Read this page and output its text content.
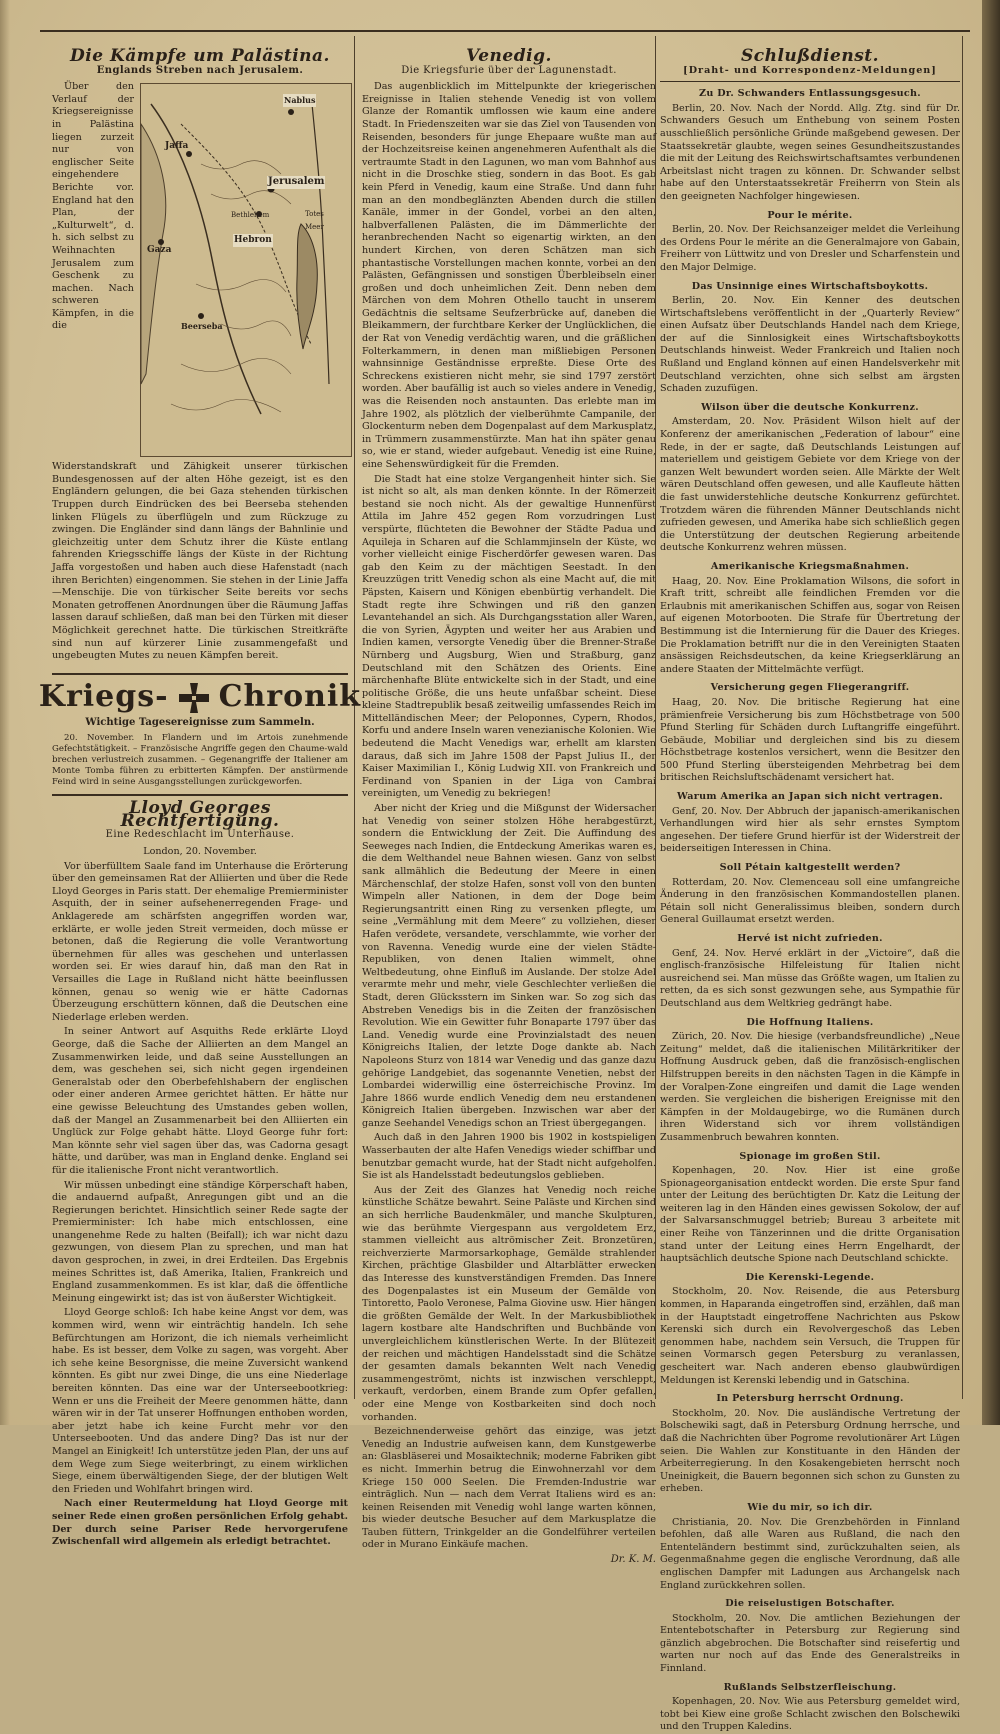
Die Kämpfe um Palästina.
Englands Streben nach Jerusalem.
Nablus
Jaffa
Jerusalem
Bethlehem
Hebron
Gaza
Totes Meer
Beerseba

Über den Verlauf der Kriegsereignisse in Palästina liegen zurzeit nur von englischer Seite eingehendere Berichte vor. England hat den Plan, der „Kulturwelt“, d. h. sich selbst zu Weihnachten Jerusalem zum Geschenk zu machen. Nach schweren Kämpfen, in die die Widerstandskraft und Zähigkeit unserer türkischen Bundesgenossen auf der alten Höhe gezeigt, ist es den Engländern gelungen, die bei Gaza stehenden türkischen Truppen durch Eindrücken des bei Beerseba stehenden linken Flügels zu überflügeln und zum Rückzuge zu zwingen. Die Engländer sind dann längs der Bahnlinie und gleichzeitig unter dem Schutz ihrer die Küste entlang fahrenden Kriegsschiffe längs der Küste in der Richtung Jaffa vorgestoßen und haben auch diese Hafenstadt (nach ihren Berichten) eingenommen. Sie stehen in der Linie Jaffa—Menschije. Die von türkischer Seite bereits vor sechs Monaten getroffenen Anordnungen über die Räumung Jaffas lassen darauf schließen, daß man bei den Türken mit dieser Möglichkeit gerechnet hatte. Die türkischen Streitkräfte sind nun auf kürzerer Linie zusammengefaßt und ungebeugten Mutes zu neuen Kämpfen bereit.

Kriegs- Chronik
Wichtige Tagesereignisse zum Sammeln.

20. November. In Flandern und im Artois zunehmende Gefechtstätigkeit. – Französische Angriffe gegen den Chaume-wald brechen verlustreich zusammen. – Gegenangriffe der Italiener am Monte Tomba führen zu erbitterten Kämpfen. Der anstürmende Feind wird in seine Ausgangsstellungen zurückgeworfen.

Lloyd Georges Rechtfertigung.
Eine Redeschlacht im Unterhause.
London, 20. November.

Vor überfülltem Saale fand im Unterhause die Erörterung über den gemeinsamen Rat der Alliierten und über die Rede Lloyd Georges in Paris statt. Der ehemalige Premierminister Asquith, der in seiner aufsehenerregenden Frage- und Anklagerede am schärfsten angegriffen worden war, erklärte, er wolle jeden Streit vermeiden, doch müsse er betonen, daß die Regierung die volle Verantwortung übernehmen für alles was geschehen und unterlassen worden sei. Er wies darauf hin, daß man den Rat in Versailles die Lage in Rußland nicht hätte beeinflussen können, genau so wenig wie er hätte Cadornas Überzeugung erschüttern können, daß die Deutschen eine Niederlage erleben werden.

In seiner Antwort auf Asquiths Rede erklärte Lloyd George, daß die Sache der Alliierten an dem Mangel an Zusammenwirken leide, und daß seine Ausstellungen an dem, was geschehen sei, sich nicht gegen irgendeinen Generalstab oder den Oberbefehlshabern der englischen oder einer anderen Armee gerichtet hätten. Er hätte nur eine gewisse Beleuchtung des Umstandes geben wollen, daß der Mangel an Zusammenarbeit bei den Alliierten ein Unglück zur Folge gehabt hätte. Lloyd George fuhr fort: Man könnte sehr viel sagen über das, was Cadorna gesagt hätte, und darüber, was man in England denke. England sei für die italienische Front nicht verantwortlich.

Wir müssen unbedingt eine ständige Körperschaft haben, die andauernd aufpaßt, Anregungen gibt und an die Regierungen berichtet. Hinsichtlich seiner Rede sagte der Premierminister: Ich habe mich entschlossen, eine unangenehme Rede zu halten (Beifall); ich war nicht dazu gezwungen, von diesem Plan zu sprechen, und man hat davon gesprochen, in zwei, in drei Erdteilen. Das Ergebnis meines Schrittes ist, daß Amerika, Italien, Frankreich und England zusammenkommen. Es ist klar, daß die öffentliche Meinung eingewirkt ist; das ist von äußerster Wichtigkeit.

Lloyd George schloß: Ich habe keine Angst vor dem, was kommen wird, wenn wir einträchtig handeln. Ich sehe Befürchtungen am Horizont, die ich niemals verheimlicht habe. Es ist besser, dem Volke zu sagen, was vorgeht. Aber ich sehe keine Besorgnisse, die meine Zuversicht wankend könnten. Es gibt nur zwei Dinge, die uns eine Niederlage bereiten könnten. Das eine war der Unterseebootkrieg: Wenn er uns die Freiheit der Meere genommen hätte, dann wären wir in der Tat unserer Hoffnungen enthoben worden, aber jetzt habe ich keine Furcht mehr vor den Unterseebooten. Und das andere Ding? Das ist nur der Mangel an Einigkeit! Ich unterstütze jeden Plan, der uns auf dem Wege zum Siege weiterbringt, zu einem wirklichen Siege, einem überwältigenden Siege, der der blutigen Welt den Frieden und Wohlfahrt bringen wird.

Nach einer Reutermeldung hat Lloyd George mit seiner Rede einen großen persönlichen Erfolg gehabt. Der durch seine Pariser Rede hervorgerufene Zwischenfall wird allgemein als erledigt betrachtet.

Venedig.
Die Kriegsfurie über der Lagunenstadt.

Das augenblicklich im Mittelpunkte der kriegerischen Ereignisse in Italien stehende Venedig ist von vollem Glanze der Romantik umflossen wie kaum eine andere Stadt. In Friedenszeiten war sie das Ziel von Tausenden von Reisenden, besonders für junge Ehepaare wußte man auf der Hochzeitsreise keinen angenehmeren Aufenthalt als die vertraumte Stadt in den Lagunen, wo man vom Bahnhof aus nicht in die Droschke stieg, sondern in das Boot. Es gab kein Pferd in Venedig, kaum eine Straße. Und dann fuhr man an den mondbeglänzten Abenden durch die stillen Kanäle, immer in der Gondel, vorbei an den alten, halbverfallenen Palästen, die im Dämmerlichte der heranbrechenden Nacht so eigenartig wirkten, an den hundert Kirchen, von deren Schätzen man sich phantastische Vorstellungen machen konnte, vorbei an den Palästen, Gefängnissen und sonstigen Überbleibseln einer großen und doch unheimlichen Zeit. Denn neben dem Märchen von dem Mohren Othello taucht in unserem Gedächtnis die seltsame Seufzerbrücke auf, daneben die Bleikammern, der furchtbare Kerker der Unglücklichen, die der Rat von Venedig verdächtig waren, und die gräßlichen Folterkammern, in denen man mißliebigen Personen wahnsinnige Geständnisse erpreßte. Diese Orte des Schreckens existieren nicht mehr, sie sind 1797 zerstört worden. Aber baufällig ist auch so vieles andere in Venedig, was die Reisenden noch anstaunten. Das erlebte man im Jahre 1902, als plötzlich der vielberühmte Campanile, der Glockenturm neben dem Dogenpalast auf dem Markusplatz, in Trümmern zusammenstürzte. Man hat ihn später genau so, wie er stand, wieder aufgebaut. Venedig ist eine Ruine, eine Sehenswürdigkeit für die Fremden.

Die Stadt hat eine stolze Vergangenheit hinter sich. Sie ist nicht so alt, als man denken könnte. In der Römerzeit bestand sie noch nicht. Als der gewaltige Hunnenfürst Attila im Jahre 452 gegen Rom vorzudringen Lust verspürte, flüchteten die Bewohner der Städte Padua und Aquileja in Scharen auf die Schlammjinseln der Küste, wo vorher vielleicht einige Fischerdörfer gewesen waren. Das gab den Keim zu der mächtigen Seestadt. In den Kreuzzügen tritt Venedig schon als eine Macht auf, die mit Päpsten, Kaisern und Königen ebenbürtig verhandelt. Die Stadt regte ihre Schwingen und riß den ganzen Levantehandel an sich. Als Durchgangsstation aller Waren, die von Syrien, Ägypten und weiter her aus Arabien und Indien kamen, versorgte Venedig über die Brenner-Straße Nürnberg und Augsburg, Wien und Straßburg, ganz Deutschland mit den Schätzen des Orients. Eine märchenhafte Blüte entwickelte sich in der Stadt, und eine politische Größe, die uns heute unfaßbar scheint. Diese kleine Stadtrepublik besaß zeitweilig umfassendes Reich im Mittelländischen Meer; der Peloponnes, Cypern, Rhodos, Korfu und andere Inseln waren venezianische Kolonien. Wie bedeutend die Macht Venedigs war, erhellt am klarsten daraus, daß sich im Jahre 1508 der Papst Julius II., der Kaiser Maximilian I., König Ludwig XII. von Frankreich und Ferdinand von Spanien in der Liga von Cambrai vereinigten, um Venedig zu bekriegen!

Aber nicht der Krieg und die Mißgunst der Widersacher hat Venedig von seiner stolzen Höhe herabgestürzt, sondern die Entwicklung der Zeit. Die Auffindung des Seeweges nach Indien, die Entdeckung Amerikas waren es, die dem Welthandel neue Bahnen wiesen. Ganz von selbst sank allmählich die Bedeutung der Meere in einen Märchenschlaf, der stolze Hafen, sonst voll von den bunten Wimpeln aller Nationen, in dem der Doge beim Regierungsantritt einen Ring zu versenken pflegte, um seine „Vermählung mit dem Meere“ zu vollziehen, dieser Hafen verödete, versandete, verschlammte, wie vorher der von Ravenna. Venedig wurde eine der vielen Städte-Republiken, von denen Italien wimmelt, ohne Weltbedeutung, ohne Einfluß im Auslande. Der stolze Adel verarmte mehr und mehr, viele Geschlechter verließen die Stadt, deren Glücksstern im Sinken war. So zog sich das Abstreben Venedigs bis in die Zeiten der französischen Revolution. Wie ein Gewitter fuhr Bonaparte 1797 über das Land. Venedig wurde eine Provinzialstadt des neuen Königreichs Italien, der letzte Doge dankte ab. Nach Napoleons Sturz von 1814 war Venedig und das ganze dazu gehörige Landgebiet, das sogenannte Venetien, nebst der Lombardei widerwillig eine österreichische Provinz. Im Jahre 1866 wurde endlich Venedig dem neu erstandenen Königreich Italien übergeben. Inzwischen war aber der ganze Seehandel Venedigs schon an Triest übergegangen.

Auch daß in den Jahren 1900 bis 1902 in kostspieligen Wasserbauten der alte Hafen Venedigs wieder schiffbar und benutzbar gemacht wurde, hat der Stadt nicht aufgeholfen. Sie ist als Handelsstadt bedeutungslos geblieben.

Aus der Zeit des Glanzes hat Venedig noch reiche künstliche Schätze bewahrt. Seine Paläste und Kirchen sind an sich herrliche Baudenkmäler, und manche Skulpturen, wie das berühmte Viergespann aus vergoldetem Erz, stammen vielleicht aus altrömischer Zeit. Bronzetüren, reichverzierte Marmorsarkophage, Gemälde strahlender Kirchen, prächtige Glasbilder und Altarblätter erwecken das Interesse des kunstverständigen Fremden. Das Innere des Dogenpalastes ist ein Museum der Gemälde von Tintoretto, Paolo Veronese, Palma Giovine usw. Hier hängen die größten Gemälde der Welt. In der Markusbibliothek lagern kostbare alte Handschriften und Buchbände von unvergleichlichem künstlerischen Werte. In der Blütezeit der reichen und mächtigen Handelsstadt sind die Schätze der gesamten damals bekannten Welt nach Venedig zusammengeströmt, nichts ist inzwischen verschleppt, verkauft, verdorben, einem Brande zum Opfer gefallen, oder eine Menge von Kostbarkeiten sind doch noch vorhanden.

Bezeichnenderweise gehört das einzige, was jetzt Venedig an Industrie aufweisen kann, dem Kunstgewerbe an: Glasbläserei und Mosaiktechnik; moderne Fabriken gibt es nicht. Immerhin betrug die Einwohnerzahl vor dem Kriege 150 000 Seelen. Die Fremden-Industrie war einträglich. Nun — nach dem Verrat Italiens wird es an: keinen Reisenden mit Venedig wohl lange warten können, bis wieder deutsche Besucher auf dem Markusplatze die Tauben füttern, Trinkgelder an die Gondelführer verteilen oder in Murano Einkäufe machen.

Dr. K. M.
Schlußdienst.
[Draht- und Korrespondenz-Meldungen]
Zu Dr. Schwanders Entlassungsgesuch.

Berlin, 20. Nov. Nach der Nordd. Allg. Ztg. sind für Dr. Schwanders Gesuch um Enthebung von seinem Posten ausschließlich persönliche Gründe maßgebend gewesen. Der Staatssekretär glaubte, wegen seines Gesundheitszustandes die mit der Leitung des Reichswirtschaftsamtes verbundenen Arbeitslast nicht tragen zu können. Dr. Schwander selbst habe auf den Unterstaatssekretär Freiherrn von Stein als den geeigneten Nachfolger hingewiesen.

Pour le mérite.

Berlin, 20. Nov. Der Reichsanzeiger meldet die Verleihung des Ordens Pour le mérite an die Generalmajore von Gabain, Freiherr von Lüttwitz und von Dresler und Scharfenstein und den Major Delmige.

Das Unsinnige eines Wirtschaftsboykotts.

Berlin, 20. Nov. Ein Kenner des deutschen Wirtschaftslebens veröffentlicht in der „Quarterly Review“ einen Aufsatz über Deutschlands Handel nach dem Kriege, der auf die Sinnlosigkeit eines Wirtschaftsboykotts Deutschlands hinweist. Weder Frankreich und Italien noch Rußland und England können auf einen Handelsverkehr mit Deutschland verzichten, ohne sich selbst am ärgsten Schaden zuzufügen.

Wilson über die deutsche Konkurrenz.

Amsterdam, 20. Nov. Präsident Wilson hielt auf der Konferenz der amerikanischen „Federation of labour“ eine Rede, in der er sagte, daß Deutschlands Leistungen auf materiellem und geistigem Gebiete vor dem Kriege von der ganzen Welt bewundert worden seien. Alle Märkte der Welt wären Deutschland offen gewesen, und alle Kaufleute hätten die fast unwiderstehliche deutsche Konkurrenz gefürchtet. Trotzdem wären die führenden Männer Deutschlands nicht zufrieden gewesen, und Amerika habe sich schließlich gegen die Unterstützung der deutschen Regierung arbeitende deutsche Konkurrenz wehren müssen.

Amerikanische Kriegsmaßnahmen.

Haag, 20. Nov. Eine Proklamation Wilsons, die sofort in Kraft tritt, schreibt alle feindlichen Fremden vor die Erlaubnis mit amerikanischen Schiffen aus, sogar von Reisen auf eigenen Motorbooten. Die Strafe für Übertretung der Bestimmung ist die Internierung für die Dauer des Krieges. Die Proklamation betrifft nur die in den Vereinigten Staaten ansässigen Reichsdeutschen, da keine Kriegserklärung an andere Staaten der Mittelmächte verfügt.

Versicherung gegen Fliegerangriff.

Haag, 20. Nov. Die britische Regierung hat eine prämienfreie Versicherung bis zum Höchstbetrage von 500 Pfund Sterling für Schäden durch Luftangriffe eingeführt. Gebäude, Mobiliar und dergleichen sind bis zu diesem Höchstbetrage kostenlos versichert, wenn die Besitzer den 500 Pfund Sterling übersteigenden Mehrbetrag bei dem britischen Reichsluftschädenamt versichert hat.

Warum Amerika an Japan sich nicht vertragen.

Genf, 20. Nov. Der Abbruch der japanisch-amerikanischen Verhandlungen wird hier als sehr ernstes Symptom angesehen. Der tiefere Grund hierfür ist der Widerstreit der beiderseitigen Interessen in China.

Soll Pétain kaltgestellt werden?

Rotterdam, 20. Nov. Clemenceau soll eine umfangreiche Änderung in den französischen Kommandostellen planen. Pétain soll nicht Generalissimus bleiben, sondern durch General Guillaumat ersetzt werden.

Hervé ist nicht zufrieden.

Genf, 24. Nov. Hervé erklärt in der „Victoire“, daß die englisch-französische Hilfeleistung für Italien nicht ausreichend sei. Man müsse das Größte wagen, um Italien zu retten, da es sich sonst gezwungen sehe, aus Sympathie für Deutschland aus dem Weltkrieg gedrängt habe.

Die Hoffnung Italiens.

Zürich, 20. Nov. Die hiesige (verbandsfreundliche) „Neue Zeitung“ meldet, daß die italienischen Militärkritiker der Hoffnung Ausdruck geben, daß die französisch-englischen Hilfstruppen bereits in den nächsten Tagen in die Kämpfe in der Voralpen-Zone eingreifen und damit die Lage wenden werden. Sie vergleichen die bisherigen Ereignisse mit den Kämpfen in der Moldaugebirge, wo die Rumänen durch ihren Widerstand sich vor ihrem vollständigen Zusammenbruch bewahren konnten.

Spionage im großen Stil.

Kopenhagen, 20. Nov. Hier ist eine große Spionageorganisation entdeckt worden. Die erste Spur fand unter der Leitung des berüchtigten Dr. Katz die Leitung der weiteren lag in den Händen eines gewissen Sokolow, der auf der Salvarsanschmuggel betrieb; Bureau 3 arbeitete mit einer Reihe von Tänzerinnen und die dritte Organisation stand unter der Leitung eines Herrn Engelhardt, der hauptsächlich deutsche Spione nach Deutschland schickte.

Die Kerenski-Legende.

Stockholm, 20. Nov. Reisende, die aus Petersburg kommen, in Haparanda eingetroffen sind, erzählen, daß man in der Hauptstadt eingetroffene Nachrichten aus Pskow Kerenski sich durch ein Revolvergeschoß das Leben genommen habe, nachdem sein Versuch, die Truppen für seinen Vormarsch gegen Petersburg zu veranlassen, gescheitert war. Nach anderen ebenso glaubwürdigen Meldungen ist Kerenski lebendig und in Gatschina.

In Petersburg herrscht Ordnung.

Stockholm, 20. Nov. Die ausländische Vertretung der Bolschewiki sagt, daß in Petersburg Ordnung herrsche, und daß die Nachrichten über Pogrome revolutionärer Art Lügen seien. Die Wahlen zur Konstituante in den Händen der Arbeiterregierung. In den Kosakengebieten herrscht noch Uneinigkeit, die Bauern begonnen sich schon zu Gunsten zu erheben.

Wie du mir, so ich dir.

Christiania, 20. Nov. Die Grenzbehörden in Finnland befohlen, daß alle Waren aus Rußland, die nach den Ententeländern bestimmt sind, zurückzuhalten seien, als Gegenmaßnahme gegen die englische Verordnung, daß alle englischen Dampfer mit Ladungen aus Archangelsk nach England zurückkehren sollen.

Die reiselustigen Botschafter.

Stockholm, 20. Nov. Die amtlichen Beziehungen der Ententebotschafter in Petersburg zur Regierung sind gänzlich abgebrochen. Die Botschafter sind reisefertig und warten nur noch auf das Ende des Generalstreiks in Finnland.

Rußlands Selbstzerfleischung.

Kopenhagen, 20. Nov. Wie aus Petersburg gemeldet wird, tobt bei Kiew eine große Schlacht zwischen den Bolschewiki und den Truppen Kaledins.
